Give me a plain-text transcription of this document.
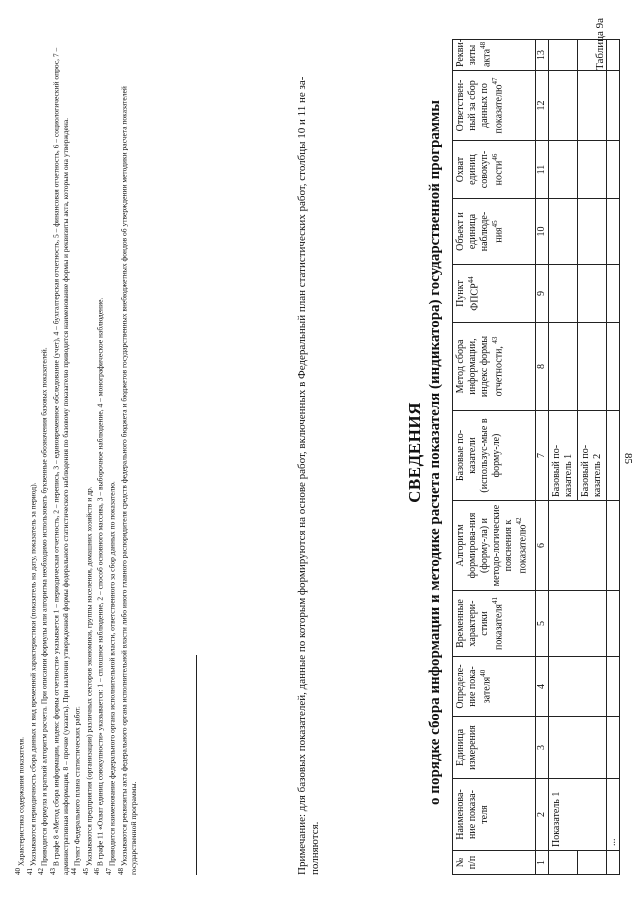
85
Таблица 9а
СВЕДЕНИЯ о порядке сбора информации и методике расчета показателя (индикатора) государственной программы
№ п/п	Наименова-ние показа-теля	Единица измерения	Определе-ние пока-зателя$^{40}$	Временные характери-стики показателя$^{41}$	Алгоритм формирова-ния (форму-ла) и методо-логические пояснения к показателю$^{42}$	Базовые по-казатели (использус-мые в форму-ле)	Метод сбора информации, индекс формы отчетности, $^{43}$	Пункт ФПСР$^{44}$	Объект и единица наблюде-ния$^{45}$	Охват единиц совокуп-ности$^{46}$	Ответствен-ный за сбор данных по показателю$^{47}$	Рекви-зиты акта$^{48}$
1	2	3	4	5	6	7	8	9	10	11	12	13
	Показатель 1					Базовый по-казатель 1						
						Базовый по-казатель 2						
	...											
Примечание: для базовых показателей, данные по которым формируются на основе работ, включенных в Федеральный план статистических работ, столбцы 10 и 11 не за-полняются.

$^{40}$ Характеристика содержания показателя.

$^{41}$ Указываются периодичность сбора данных и вид временной характеристики (показатель на дату, показатель за период).

$^{42}$ Приводится формула и краткий алгоритм расчета. При описании формулы или алгоритма необходимо использовать буквенные обозначения базовых показателей.

$^{43}$ В графе 8 «Метод сбора информации, индекс формы отчетности» указывается 1 – периодическая отчетность, 2 – перепись, 3 – единовременное обследование (учет), 4 – бухгалтерская отчетность, 5 – финансовая отчетность, 6 – социологический опрос, 7 – административная информация, 8 – прочие (указать). При наличии утвержденной формы федерального статистического наблюдения по базовому показателю приводится наименование формы и реквизиты акта, которым она утверждена. $^{44}$ Пункт Федерального плана статистических работ.

$^{45}$ Указываются предприятия (организации) различных секторов экономики, группы населения, домашних хозяйств и др.

$^{46}$ В графе 11 «Охват единиц совокупности» указывается: 1 – сплошное наблюдение, 2 – способ основного массива, 3 – выборочное наблюдение, 4 – монографическое наблюдение.

$^{47}$ Приводится наименование федерального органа исполнительной власти, ответственного за сбор данных по показателю.

$^{48}$ Указываются реквизиты акта федерального органа исполнительной власти либо иного главного распорядителя средств федерального бюджета и бюджетов государственных внебюджетных фондов об утверждении методики расчета показателей государственной программы.
